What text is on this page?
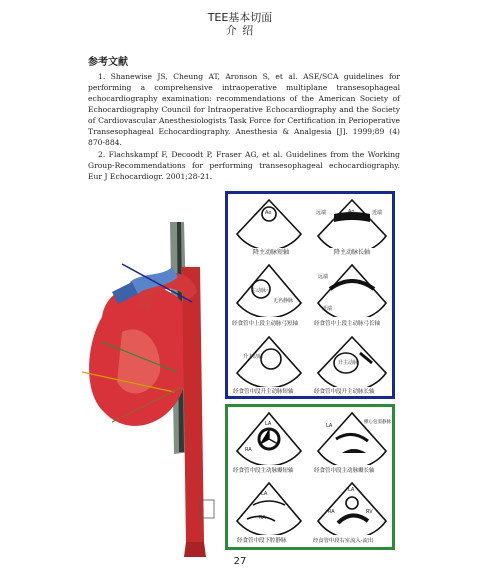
TEE基本切面
介 绍
参考文献

1. Shanewise JS, Cheung AT, Aronson S, et al. ASE/SCA guidelines for performing a comprehensive intraoperative multiplane transesophageal echocardiography examination: recommendations of the American Society of Echocardiography Council for Intraoperative Echocardiography and the Society of Cardiovascular Anesthesiologists Task Force for Certification in Perioperative Transesophageal Echocardiography. Anesthesia & Analgesia [J]. 1999;89 (4) 870-884.

2. Flachskampf F, Decoodt P, Fraser AG, et al. Guidelines from the Working Group-Recommendations for performing transesophageal echocardiography. Eur J Echocardiogr. 2001;28-21.

Ao
降主动脉短轴
远端	Ao	近端
降主动脉长轴
主动脉弓
无名静脉
经食管中上段主动脉弓短轴
远端
近端
经食管中上段主动脉弓长轴
升主动脉
经食管中段升主动脉短轴
升主动脉
经食管中段升主动脉长轴
LA
RA
经食管中段主动脉瓣短轴
LA
RV
横心包窦静脉
经食管中段主动脉瓣长轴
LA
RA
经食管中段下腔静脉
LA
RA	RV
经食管中段右室流入-流出
27
